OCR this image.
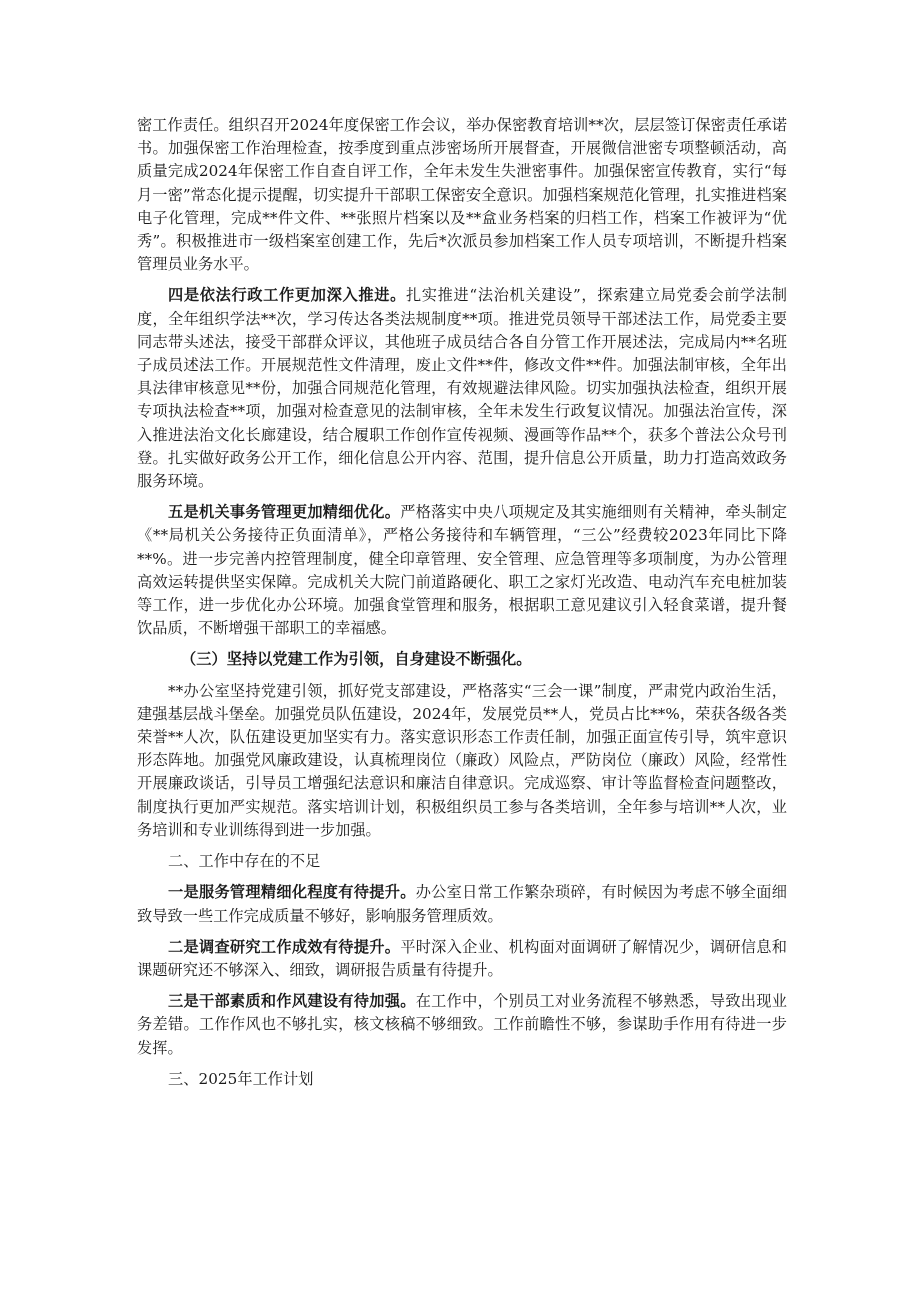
密工作责任。组织召开2024年度保密工作会议，举办保密教育培训**次，层层签订保密责任承诺书。加强保密工作治理检查，按季度到重点涉密场所开展督查，开展微信泄密专项整顿活动，高质量完成2024年保密工作自查自评工作，全年未发生失泄密事件。加强保密宣传教育，实行“每月一密”常态化提示提醒，切实提升干部职工保密安全意识。加强档案规范化管理，扎实推进档案电子化管理，完成**件文件、**张照片档案以及**盒业务档案的归档工作，档案工作被评为“优秀”。积极推进市一级档案室创建工作，先后*次派员参加档案工作人员专项培训，不断提升档案管理员业务水平。

四是依法行政工作更加深入推进。扎实推进“法治机关建设”，探索建立局党委会前学法制度，全年组织学法**次，学习传达各类法规制度**项。推进党员领导干部述法工作，局党委主要同志带头述法，接受干部群众评议，其他班子成员结合各自分管工作开展述法，完成局内**名班子成员述法工作。开展规范性文件清理，废止文件**件，修改文件**件。加强法制审核，全年出具法律审核意见**份，加强合同规范化管理，有效规避法律风险。切实加强执法检查，组织开展专项执法检查**项，加强对检查意见的法制审核，全年未发生行政复议情况。加强法治宣传，深入推进法治文化长廊建设，结合履职工作创作宣传视频、漫画等作品**个，获多个普法公众号刊登。扎实做好政务公开工作，细化信息公开内容、范围，提升信息公开质量，助力打造高效政务服务环境。

五是机关事务管理更加精细优化。严格落实中央八项规定及其实施细则有关精神，牵头制定《**局机关公务接待正负面清单》，严格公务接待和车辆管理，“三公”经费较2023年同比下降**%。进一步完善内控管理制度，健全印章管理、安全管理、应急管理等多项制度，为办公管理高效运转提供坚实保障。完成机关大院门前道路硬化、职工之家灯光改造、电动汽车充电桩加装等工作，进一步优化办公环境。加强食堂管理和服务，根据职工意见建议引入轻食菜谱，提升餐饮品质，不断增强干部职工的幸福感。

（三）坚持以党建工作为引领，自身建设不断强化。

**办公室坚持党建引领，抓好党支部建设，严格落实“三会一课”制度，严肃党内政治生活，建强基层战斗堡垒。加强党员队伍建设，2024年，发展党员**人，党员占比**%，荣获各级各类荣誉**人次，队伍建设更加坚实有力。落实意识形态工作责任制，加强正面宣传引导，筑牢意识形态阵地。加强党风廉政建设，认真梳理岗位（廉政）风险点，严防岗位（廉政）风险，经常性开展廉政谈话，引导员工增强纪法意识和廉洁自律意识。完成巡察、审计等监督检查问题整改，制度执行更加严实规范。落实培训计划，积极组织员工参与各类培训，全年参与培训**人次，业务培训和专业训练得到进一步加强。

二、工作中存在的不足

一是服务管理精细化程度有待提升。办公室日常工作繁杂琐碎，有时候因为考虑不够全面细致导致一些工作完成质量不够好，影响服务管理质效。

二是调查研究工作成效有待提升。平时深入企业、机构面对面调研了解情况少，调研信息和课题研究还不够深入、细致，调研报告质量有待提升。

三是干部素质和作风建设有待加强。在工作中，个别员工对业务流程不够熟悉，导致出现业务差错。工作作风也不够扎实，核文核稿不够细致。工作前瞻性不够，参谋助手作用有待进一步发挥。

三、2025年工作计划
